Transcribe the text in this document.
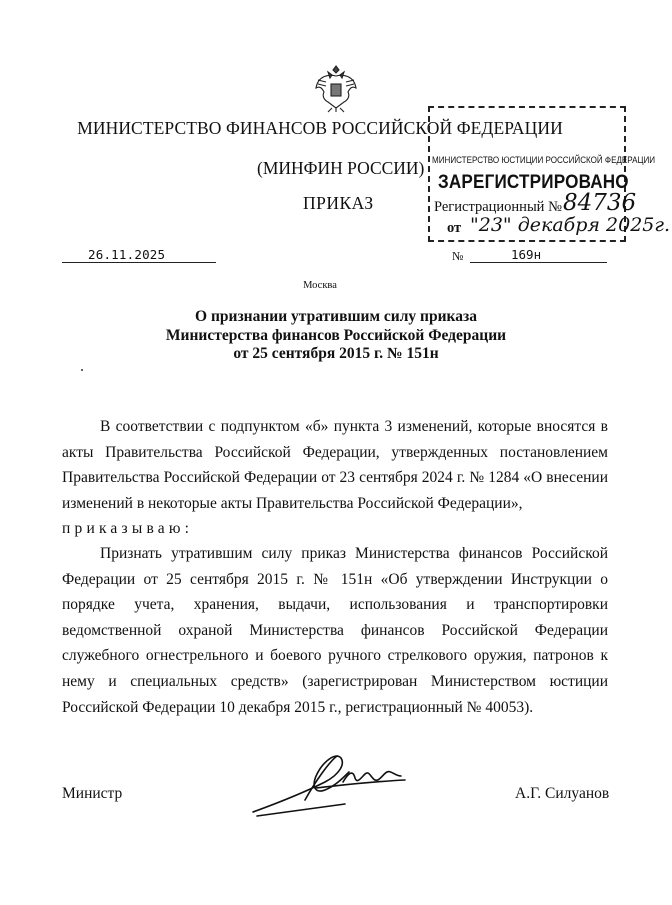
МИНИСТЕРСТВО ФИНАНСОВ РОССИЙСКОЙ ФЕДЕРАЦИИ
(МИНФИН РОССИИ)
ПРИКАЗ
МИНИСТЕРСТВО ЮСТИЦИИ РОССИЙСКОЙ ФЕДЕРАЦИИ
ЗАРЕГИСТРИРОВАНО
Регистрационный № 84736
от "23" декабря 2025г.
26.11.2025	№	169н
Москва
О признании утратившим силу приказа
Министерства финансов Российской Федерации
от 25 сентября 2015 г. № 151н
В соответствии с подпунктом «б» пункта 3 изменений, которые вносятся в акты Правительства Российской Федерации, утвержденных постановлением Правительства Российской Федерации от 23 сентября 2024 г. № 1284 «О внесении изменений в некоторые акты Правительства Российской Федерации»,
приказываю:
Признать утратившим силу приказ Министерства финансов Российской Федерации от 25 сентября 2015 г. № 151н «Об утверждении Инструкции о порядке учета, хранения, выдачи, использования и транспортировки ведомственной охраной Министерства финансов Российской Федерации служебного огнестрельного и боевого ручного стрелкового оружия, патронов к нему и специальных средств» (зарегистрирован Министерством юстиции Российской Федерации 10 декабря 2015 г., регистрационный № 40053).
Министр	А.Г. Силуанов
